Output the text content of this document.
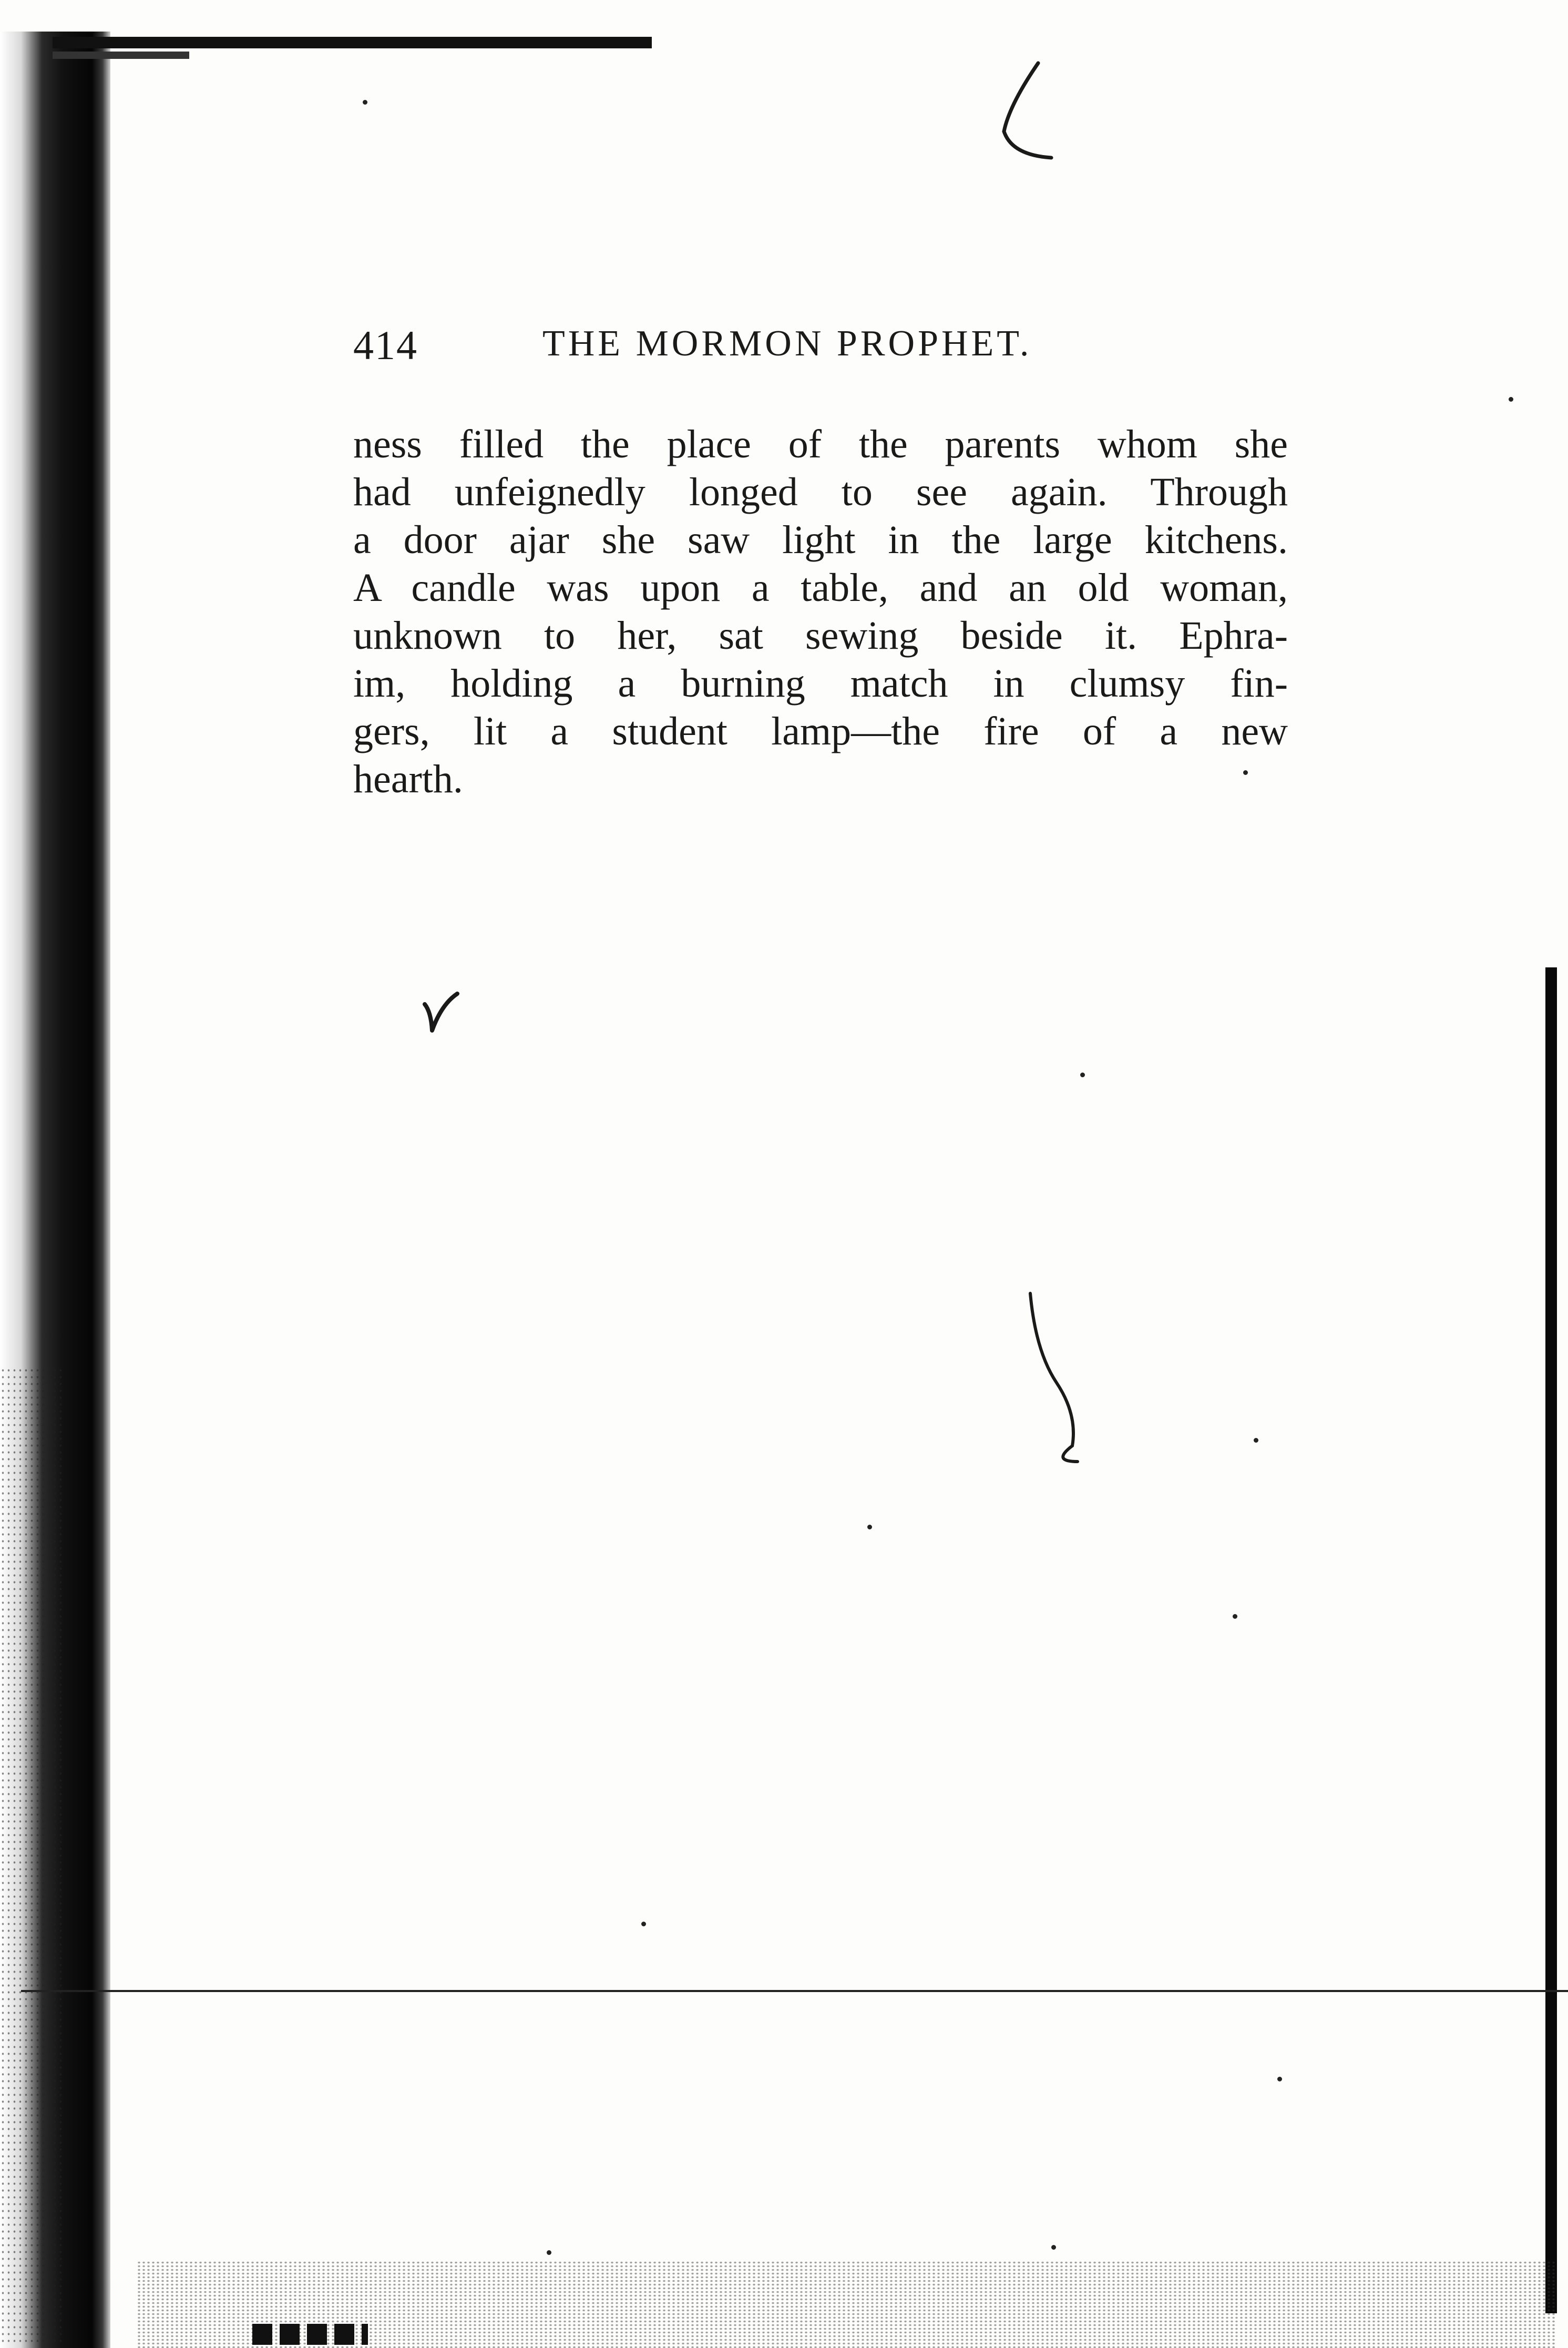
414	THE MORMON PROPHET.
ness filled the place of the parents whom she
had unfeignedly longed to see again. Through
a door ajar she saw light in the large kitchens.
A candle was upon a table, and an old woman,
unknown to her, sat sewing beside it. Ephra-
im, holding a burning match in clumsy fin-
gers, lit a student lamp—the fire of a new
hearth.
